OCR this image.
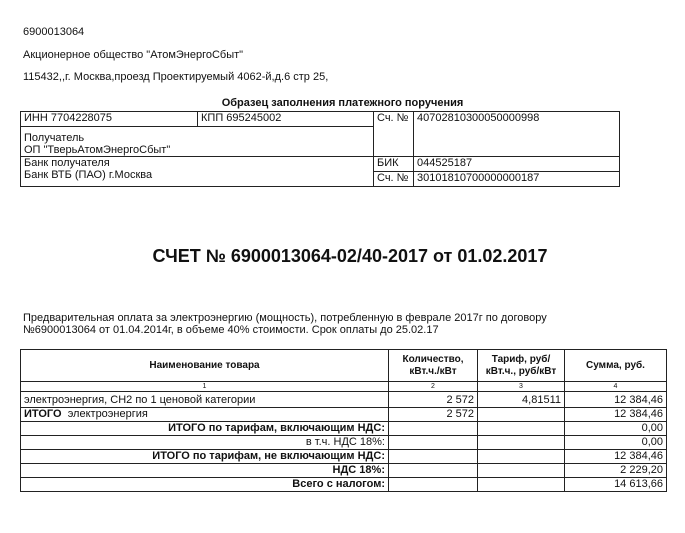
6900013064
Акционерное общество "АтомЭнергоСбыт"
115432,,г. Москва,проезд Проектируемый 4062-й,д.6 стр 25,
Образец заполнения платежного поручения
ИНН 7704228075	КПП 695245002	Сч. №	40702810300050000998

Получатель
ОП "ТверьАтомЭнергоСбыт"			

Банк получателя
Банк ВТБ (ПАО) г.Москва		БИК	044525187
		Сч. №	30101810700000000187
СЧЕТ № 6900013064-02/40-2017 от 01.02.2017
Предварительная оплата за электроэнергию (мощность), потребленную в феврале 2017г по договору
№6900013064 от 01.04.2014г, в объеме 40% стоимости. Срок оплаты до 25.02.17
Наименование товара	Количество, кВт.ч./кВт	Тариф, руб/ кВт.ч., руб/кВт	Сумма, руб.
1	2	3	4
электроэнергия, СН2 по 1 ценовой категории	2 572	4,81511	12 384,46
ИТОГО электроэнергия	2 572		12 384,46
ИТОГО по тарифам, включающим НДС:			0,00
в т.ч. НДС 18%:			0,00
ИТОГО по тарифам, не включающим НДС:			12 384,46
НДС 18%:			2 229,20
Всего с налогом:			14 613,66
